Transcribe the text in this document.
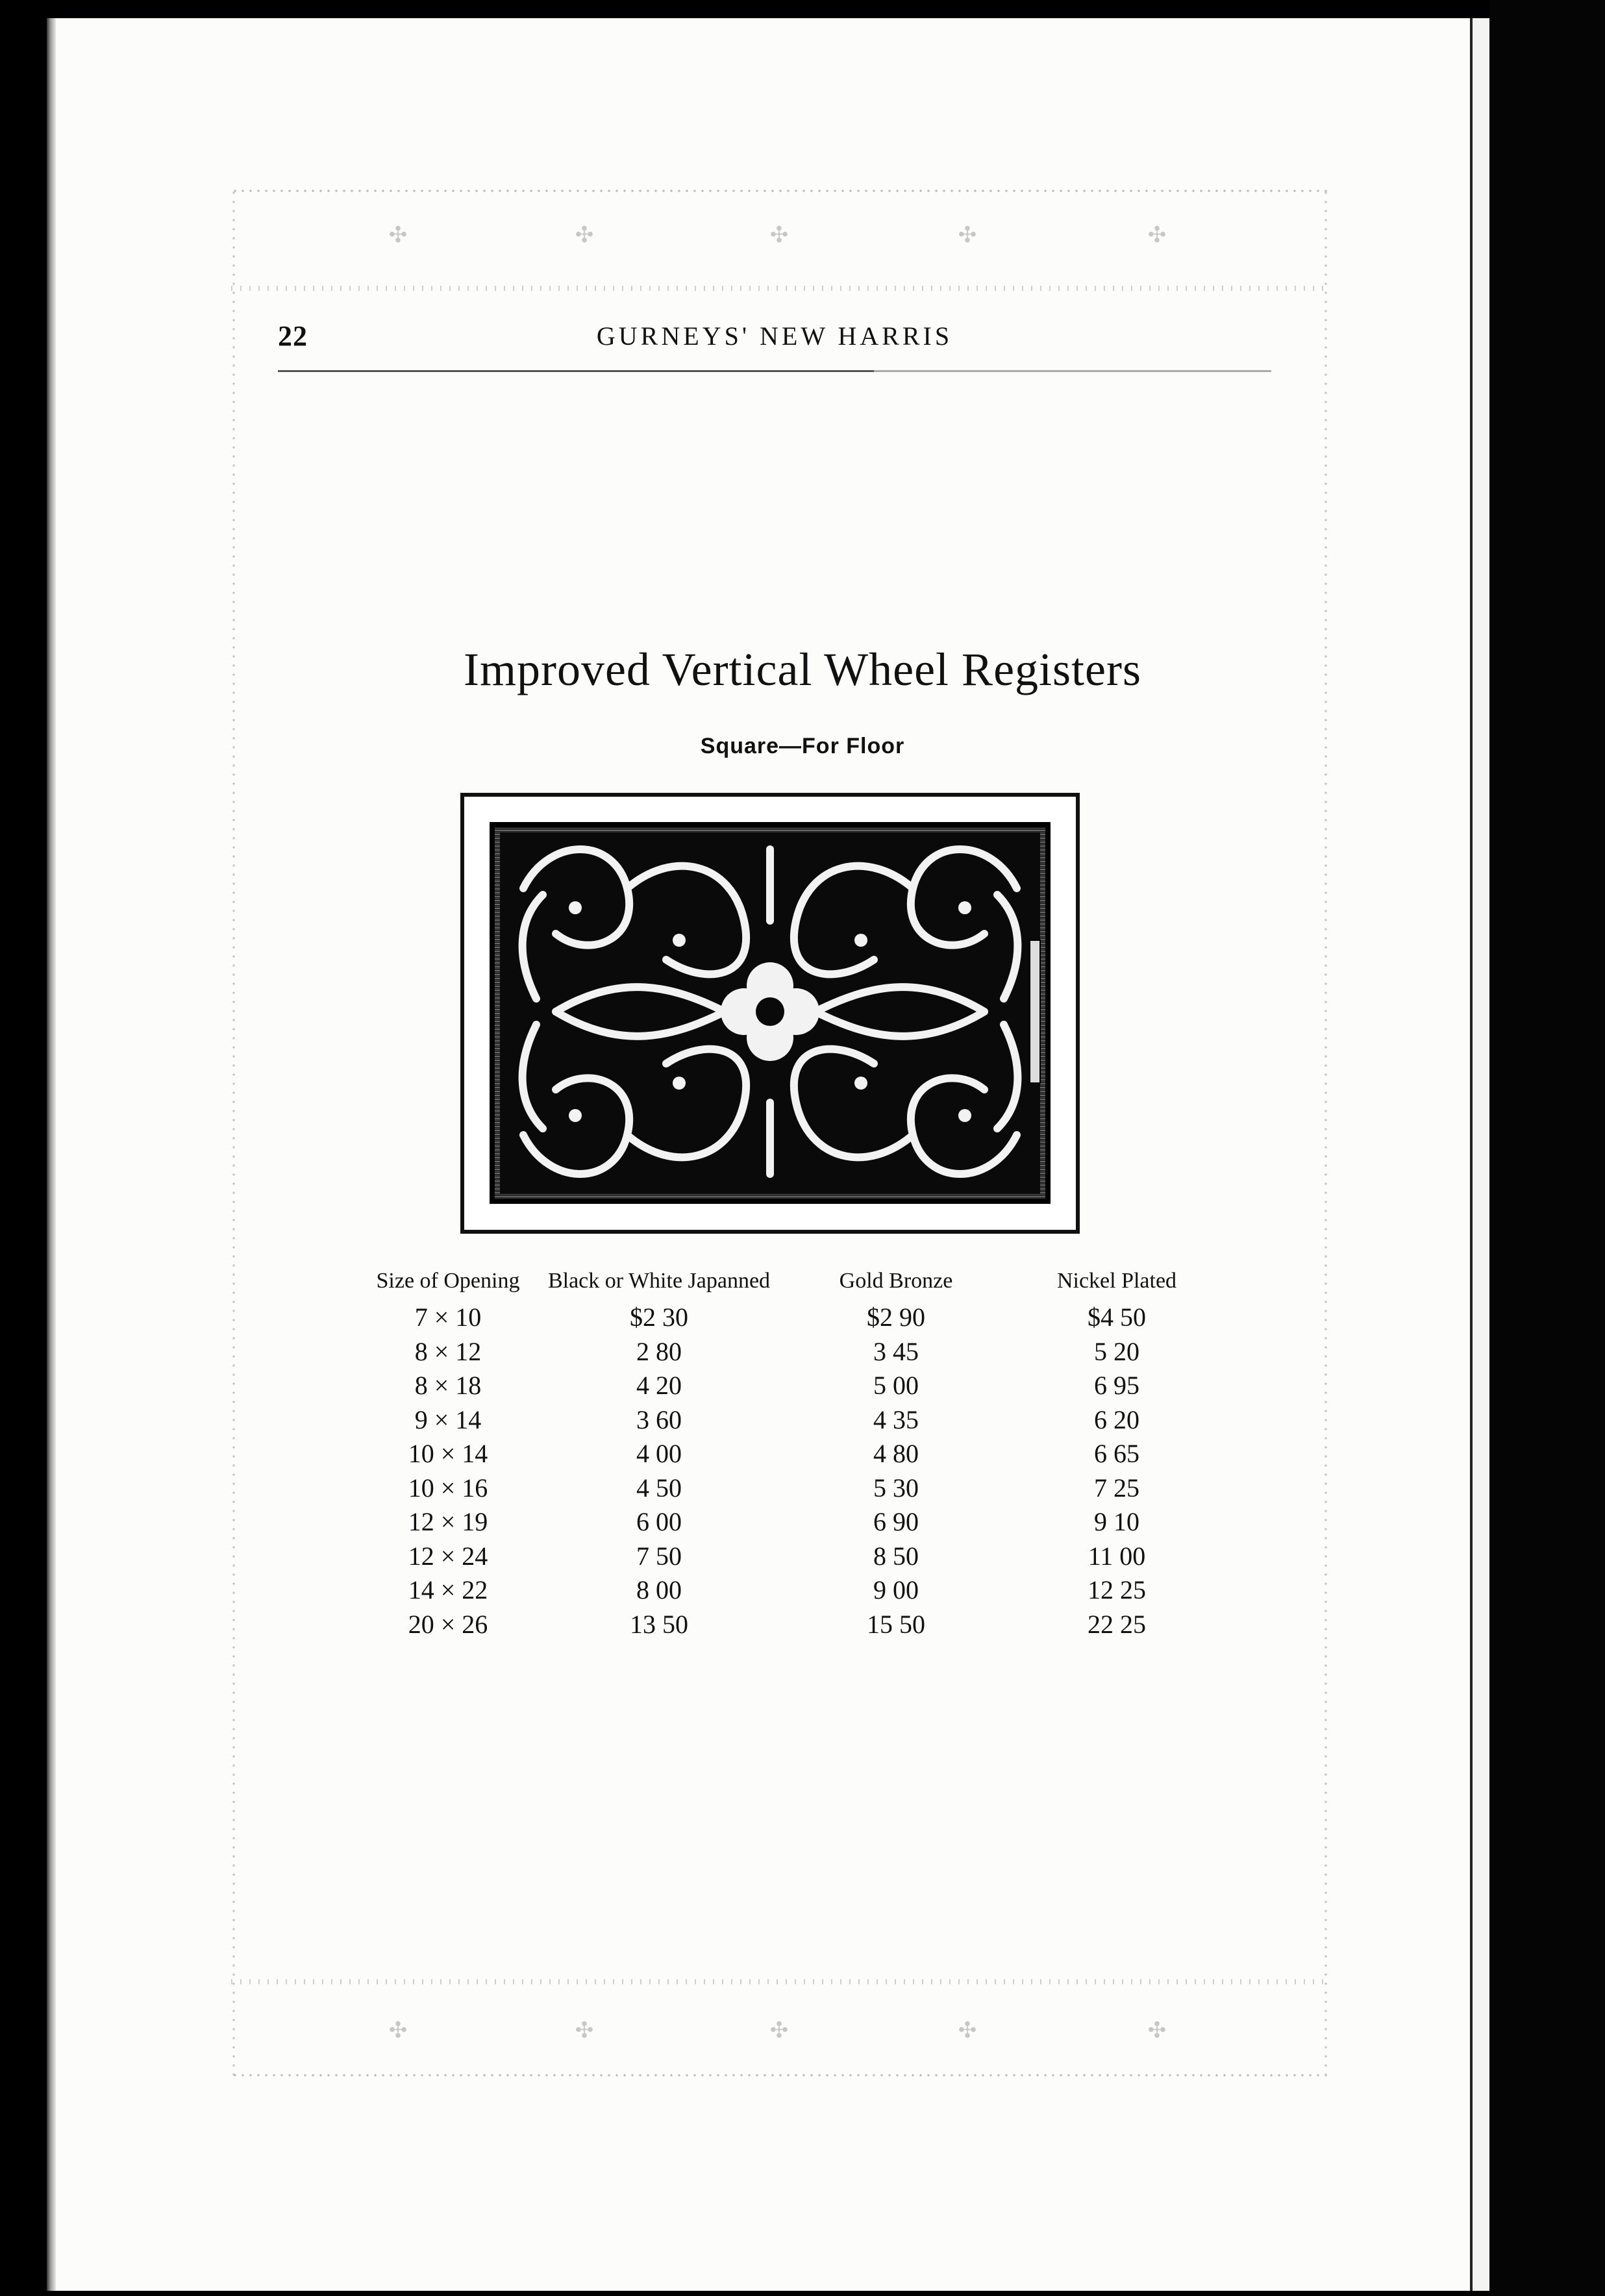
✣	✣	✣	✣	✣
✣	✣	✣	✣	✣
22	GURNEYS' NEW HARRIS
Improved Vertical Wheel Registers
Square—For Floor
Size of Opening	Black or White Japanned	Gold Bronze	Nickel Plated
7 × 10	$2 30	$2 90	$4 50
8 × 12	2 80	3 45	5 20
8 × 18	4 20	5 00	6 95
9 × 14	3 60	4 35	6 20
10 × 14	4 00	4 80	6 65
10 × 16	4 50	5 30	7 25
12 × 19	6 00	6 90	9 10
12 × 24	7 50	8 50	11 00
14 × 22	8 00	9 00	12 25
20 × 26	13 50	15 50	22 25
